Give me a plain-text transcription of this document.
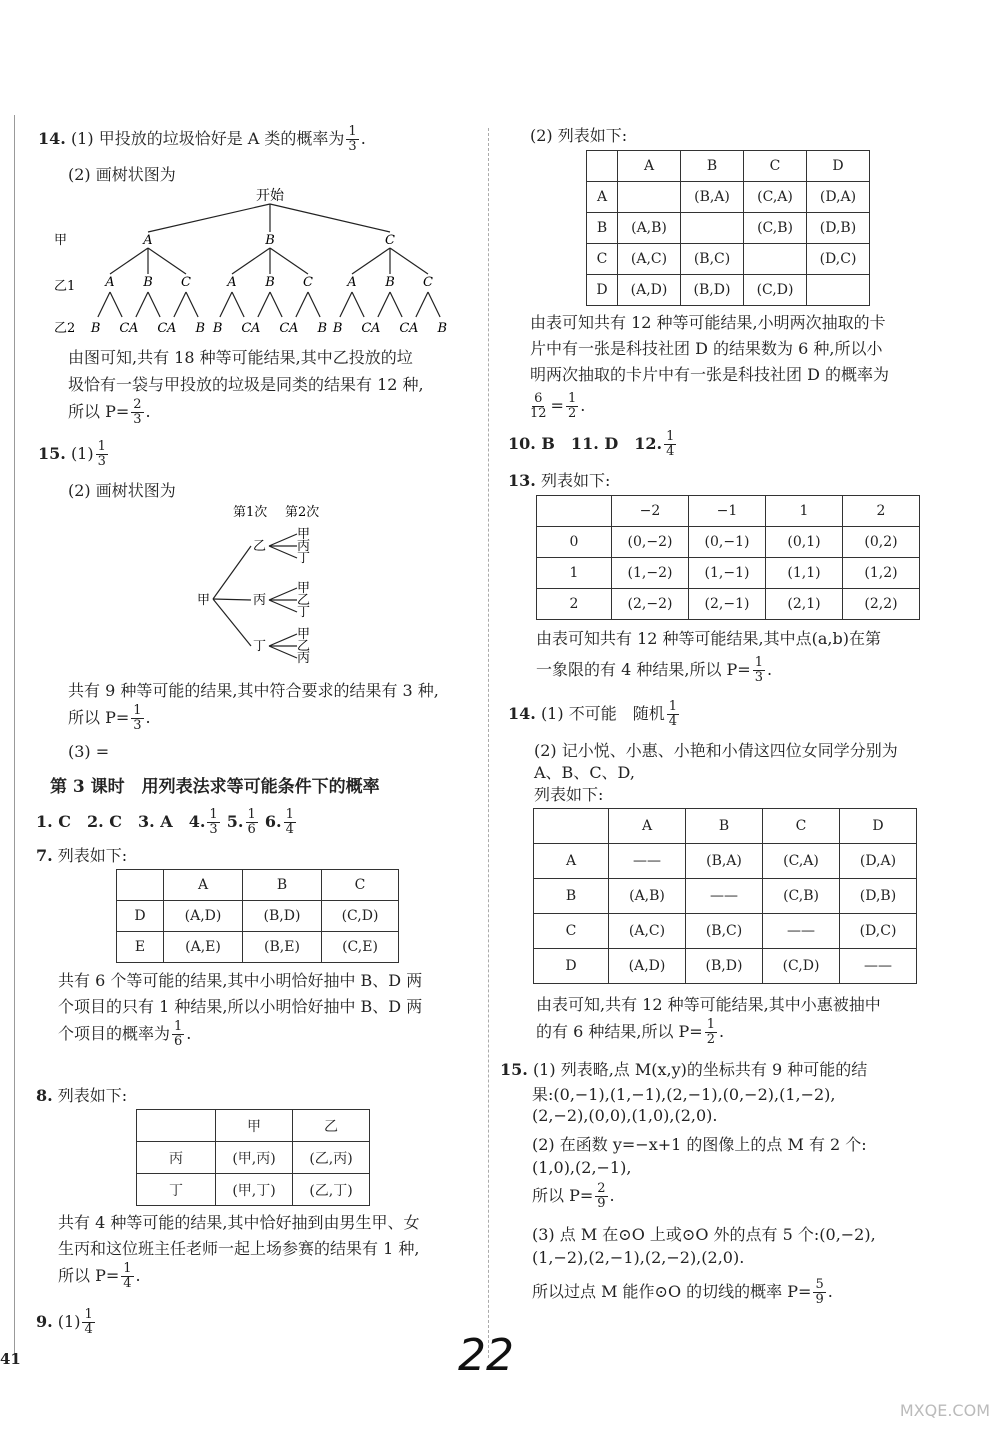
14. (1) 甲投放的垃圾恰好是 A 类的概率为 $\frac{1}{3}$ .
(2) 画树状图为
开始
甲
乙1
乙2
A	B	C
A
B C
B
A C
C
A B
A
B C
B
A C
C
A B
A
B C
B
A C
C
A B
由图可知,共有 18 种等可能结果,其中乙投放的垃
圾恰有一袋与甲投放的垃圾是同类的结果有 12 种,
所以 $P= \frac{2}{3}$ .
15. $(1) \frac{1}{3}$
(2) 画树状图为
第1次 第2次
甲
乙
甲
丙
丁
丙
甲
乙
丁
丁
甲
乙
丙
共有 9 种等可能的结果,其中符合要求的结果有 3 种,
所以 $P= \frac{1}{3}$ .
(3) =
第 3 课时　用列表法求等可能条件下的概率
1. C　2. C　3. A　4. $\frac{1}{3} 5$. $\frac{1}{6} 6$. $\frac{1}{4}$
7. 列表如下:
	A	B	C
D	(A,D)	(B,D)	(C,D)
E	(A,E)	(B,E)	(C,E)
共有 6 个等可能的结果,其中小明恰好抽中 B、D 两
个项目的只有 1 种结果,所以小明恰好抽中 B、D 两
个项目的概率为 $\frac{1}{6}$ .
8. 列表如下:
	甲	乙
丙	(甲,丙)	(乙,丙)
丁	(甲,丁)	(乙,丁)
共有 4 种等可能的结果,其中恰好抽到由男生甲、女
生丙和这位班主任老师一起上场参赛的结果有 1 种,
所以 $P= \frac{1}{4}$ .
9. $(1) \frac{1}{4}$
41	22
(2) 列表如下:
	A	B	C	D
A		(B,A)	(C,A)	(D,A)
B	(A,B)		(C,B)	(D,B)
C	(A,C)	(B,C)		(D,C)
D	(A,D)	(B,D)	(C,D)	
由表可知共有 12 种等可能结果,小明两次抽取的卡
片中有一张是科技社团 D 的结果数为 6 种,所以小
明两次抽取的卡片中有一张是科技社团 D 的概率为
$\frac{6}{12} = \frac{1}{2}$ .
10. B　11. D　12. $\frac{1}{4}$
13. 列表如下:
	−2	−1	1	2
0	(0,−2)	(0,−1)	(0,1)	(0,2)
1	(1,−2)	(1,−1)	(1,1)	(1,2)
2	(2,−2)	(2,−1)	(2,1)	(2,2)
由表可知共有 12 种等可能结果,其中点(a,b)在第
一象限的有 4 种结果,所以 $P= \frac{1}{3}$ .
14. (1) 不可能　随机 $\frac{1}{4}$
(2) 记小悦、小惠、小艳和小倩这四位女同学分别为
A、B、C、D,
列表如下:
	A	B	C	D
A	——	(B,A)	(C,A)	(D,A)
B	(A,B)	——	(C,B)	(D,B)
C	(A,C)	(B,C)	——	(D,C)
D	(A,D)	(B,D)	(C,D)	——
由表可知,共有 12 种等可能结果,其中小惠被抽中
的有 6 种结果,所以 $P= \frac{1}{2}$ .
15. (1) 列表略,点 M(x,y)的坐标共有 9 种可能的结
果:(0,−1),(1,−1),(2,−1),(0,−2),(1,−2),
(2,−2),(0,0),(1,0),(2,0).
(2) 在函数 y=−x+1 的图像上的点 M 有 2 个:
(1,0),(2,−1),
所以 $P= \frac{2}{9}$ .
(3) 点 M 在⊙O 上或⊙O 外的点有 5 个:(0,−2),
(1,−2),(2,−1),(2,−2),(2,0).
所以过点 M 能作⊙O 的切线的概率 $P= \frac{5}{9}$ .
MXQE.COM
